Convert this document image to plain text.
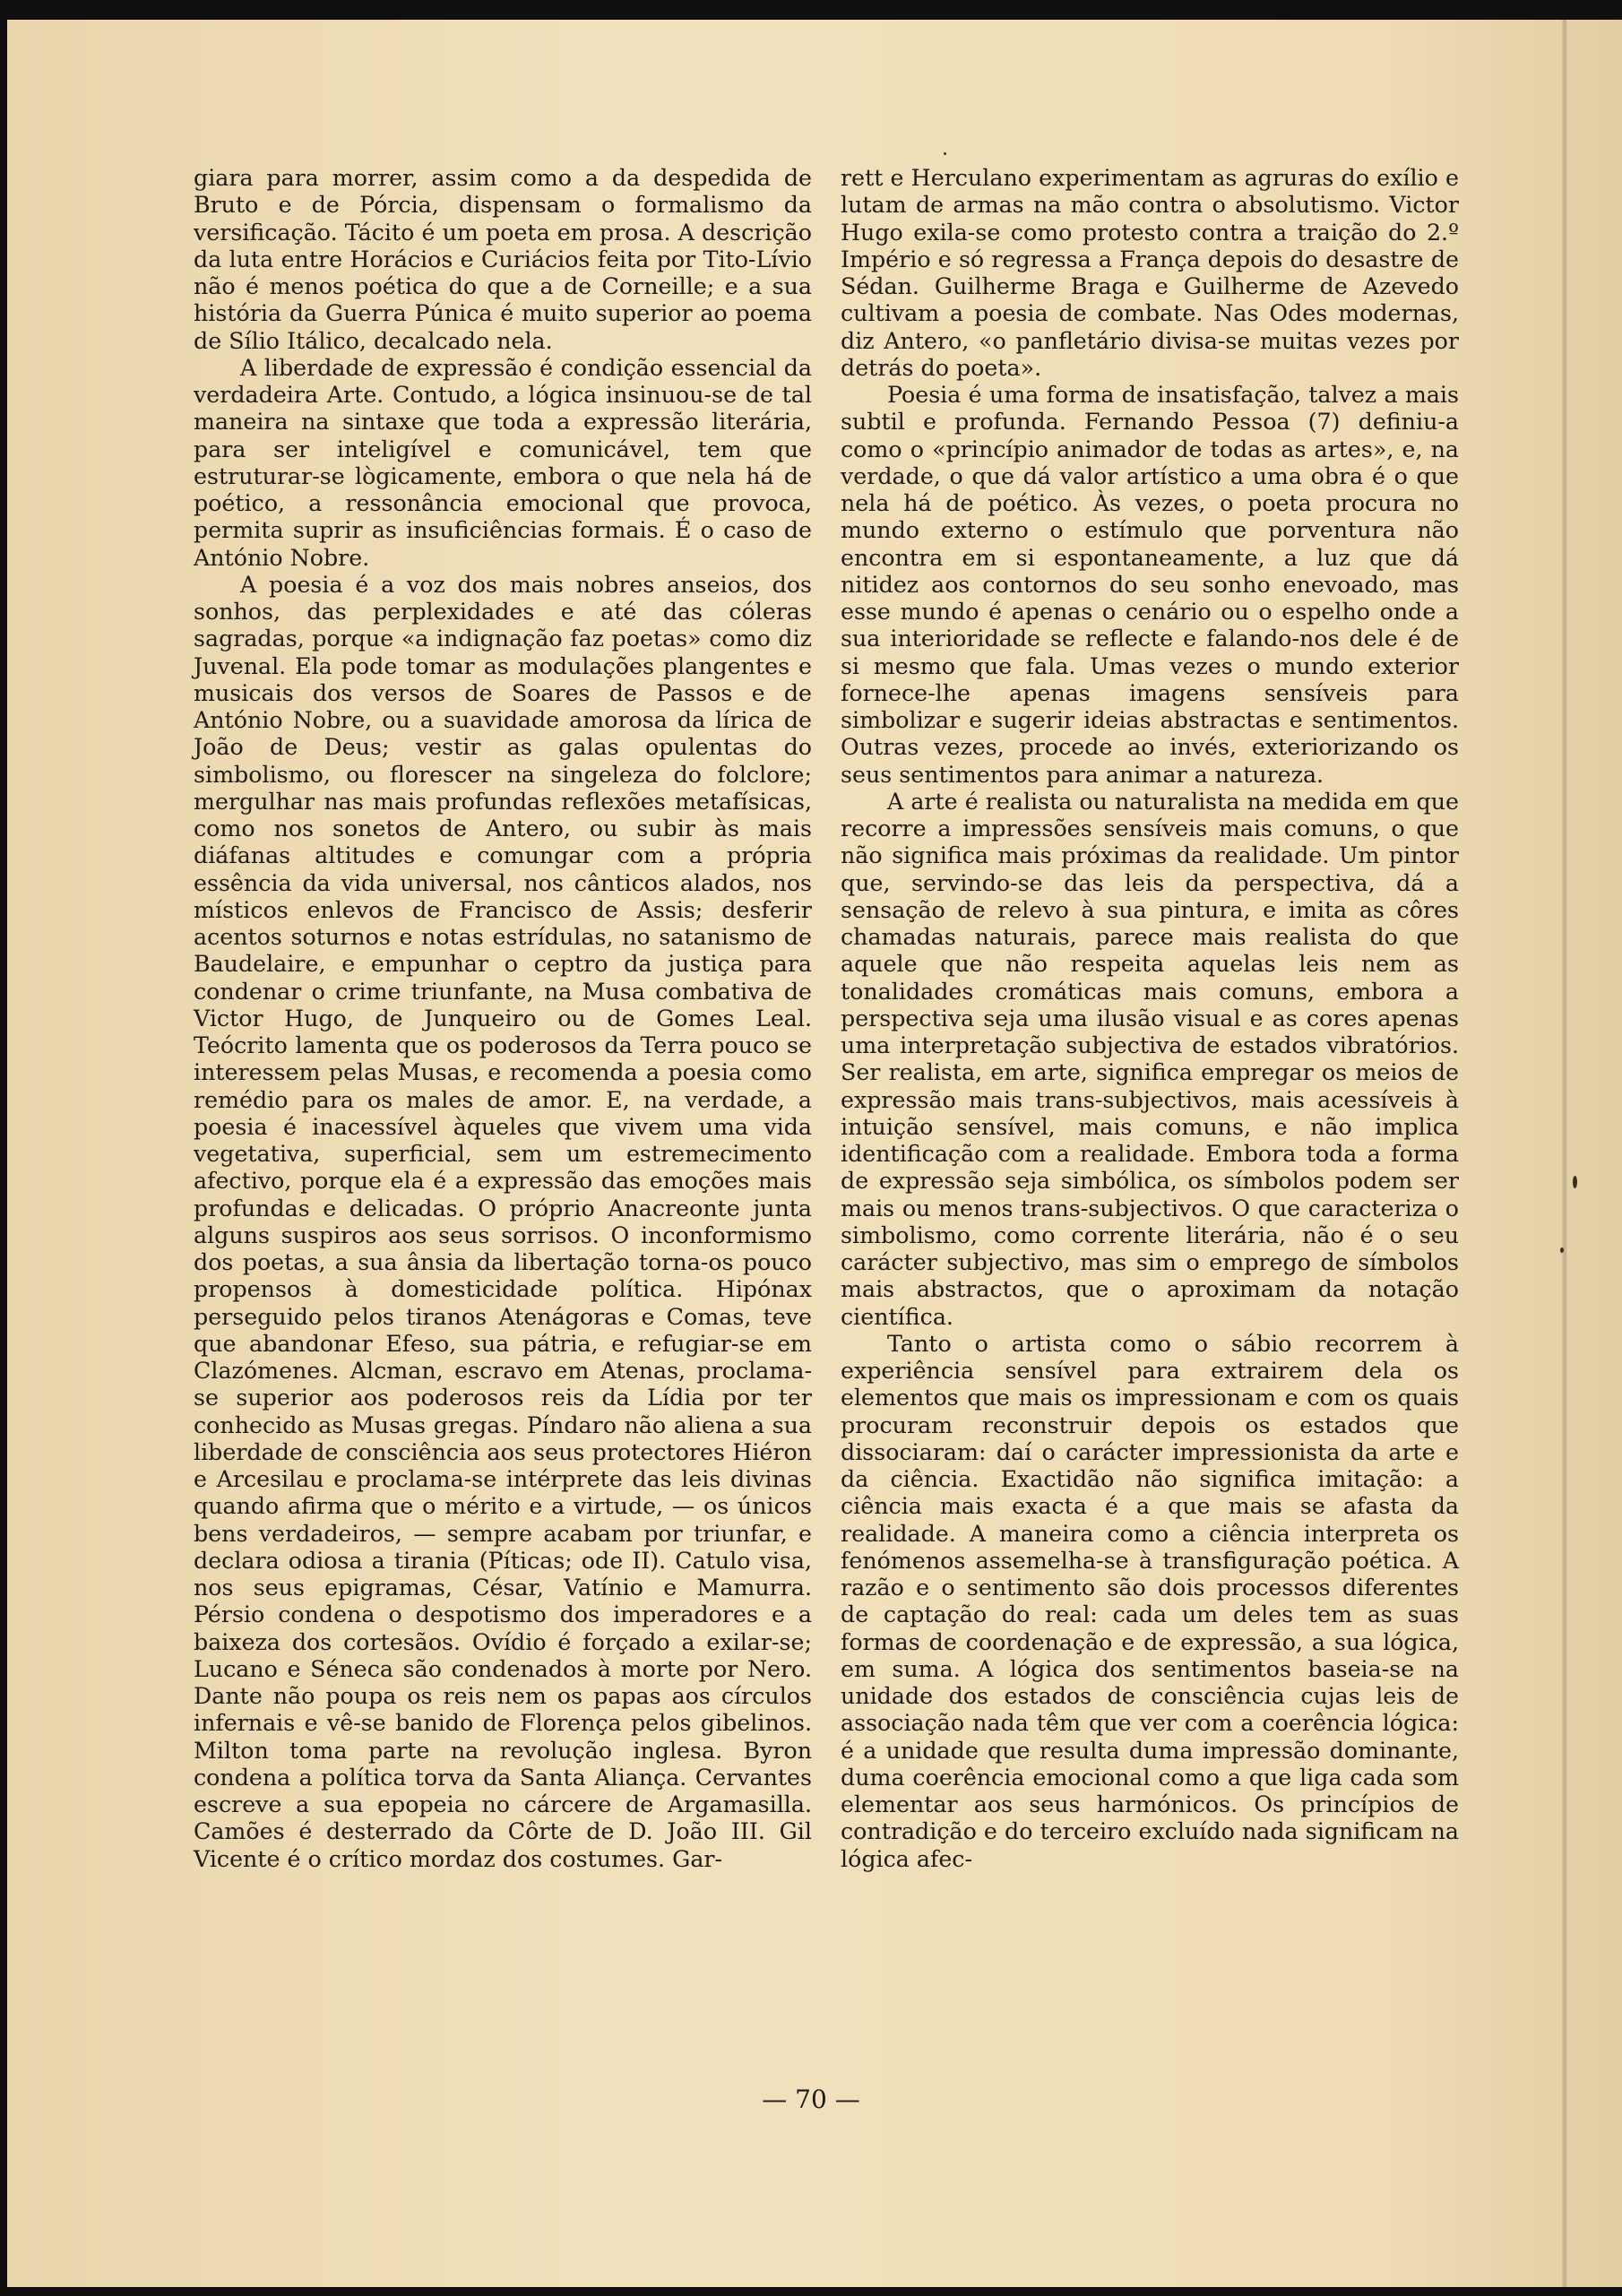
giara para morrer, assim como a da despedida de Bruto e de Pórcia, dispensam o formalismo da versificação. Tácito é um poeta em prosa. A descrição da luta entre Horácios e Curiácios feita por Tito-Lívio não é menos poética do que a de Corneille; e a sua história da Guerra Púnica é muito superior ao poema de Sílio Itálico, decalcado nela.

A liberdade de expressão é condição essencial da verdadeira Arte. Contudo, a lógica insinuou-se de tal maneira na sintaxe que toda a expressão literária, para ser inteligível e comunicável, tem que estruturar-se lògicamente, embora o que nela há de poético, a ressonância emocional que provoca, permita suprir as insuficiências formais. É o caso de António Nobre.

A poesia é a voz dos mais nobres anseios, dos sonhos, das perplexidades e até das cóleras sagradas, porque «a indignação faz poetas» como diz Juvenal. Ela pode tomar as modulações plangentes e musicais dos versos de Soares de Passos e de António Nobre, ou a suavidade amorosa da lírica de João de Deus; vestir as galas opulentas do simbolismo, ou florescer na singeleza do folclore; mergulhar nas mais profundas reflexões metafísicas, como nos sonetos de Antero, ou subir às mais diáfanas altitudes e comungar com a própria essência da vida universal, nos cânticos alados, nos místicos enlevos de Francisco de Assis; desferir acentos soturnos e notas estrídulas, no satanismo de Baudelaire, e empunhar o ceptro da justiça para condenar o crime triunfante, na Musa combativa de Victor Hugo, de Junqueiro ou de Gomes Leal. Teócrito lamenta que os poderosos da Terra pouco se interessem pelas Musas, e recomenda a poesia como remédio para os males de amor. E, na verdade, a poesia é inacessível àqueles que vivem uma vida vegetativa, superficial, sem um estremecimento afectivo, porque ela é a expressão das emoções mais profundas e delicadas. O próprio Anacreonte junta alguns suspiros aos seus sorrisos. O inconformismo dos poetas, a sua ânsia da libertação torna-os pouco propensos à domesticidade política. Hipónax perseguido pelos tiranos Atenágoras e Comas, teve que abandonar Efeso, sua pátria, e refugiar-se em Clazómenes. Alcman, escravo em Atenas, proclama-se superior aos poderosos reis da Lídia por ter conhecido as Musas gregas. Píndaro não aliena a sua liberdade de consciência aos seus protectores Hiéron e Arcesilau e proclama-se intérprete das leis divinas quando afirma que o mérito e a virtude, — os únicos bens verdadeiros, — sempre acabam por triunfar, e declara odiosa a tirania (Píticas; ode II). Catulo visa, nos seus epigramas, César, Vatínio e Mamurra. Pérsio condena o despotismo dos imperadores e a baixeza dos cortesãos. Ovídio é forçado a exilar-se; Lucano e Séneca são condenados à morte por Nero. Dante não poupa os reis nem os papas aos círculos infernais e vê-se banido de Florença pelos gibelinos. Milton toma parte na revolução inglesa. Byron condena a política torva da Santa Aliança. Cervantes escreve a sua epopeia no cárcere de Argamasilla. Camões é desterrado da Côrte de D. João III. Gil Vicente é o crítico mordaz dos costumes. Gar-

rett e Herculano experimentam as agruras do exílio e lutam de armas na mão contra o absolutismo. Victor Hugo exila-se como protesto contra a traição do 2.º Império e só regressa a França depois do desastre de Sédan. Guilherme Braga e Guilherme de Azevedo cultivam a poesia de combate. Nas Odes modernas, diz Antero, «o panfletário divisa-se muitas vezes por detrás do poeta».

Poesia é uma forma de insatisfação, talvez a mais subtil e profunda. Fernando Pessoa (7) definiu-a como o «princípio animador de todas as artes», e, na verdade, o que dá valor artístico a uma obra é o que nela há de poético. Às vezes, o poeta procura no mundo externo o estímulo que porventura não encontra em si espontaneamente, a luz que dá nitidez aos contornos do seu sonho enevoado, mas esse mundo é apenas o cenário ou o espelho onde a sua interioridade se reflecte e falando-nos dele é de si mesmo que fala. Umas vezes o mundo exterior fornece-lhe apenas imagens sensíveis para simbolizar e sugerir ideias abstractas e sentimentos. Outras vezes, procede ao invés, exteriorizando os seus sentimentos para animar a natureza.

A arte é realista ou naturalista na medida em que recorre a impressões sensíveis mais comuns, o que não significa mais próximas da realidade. Um pintor que, servindo-se das leis da perspectiva, dá a sensação de relevo à sua pintura, e imita as côres chamadas naturais, parece mais realista do que aquele que não respeita aquelas leis nem as tonalidades cromáticas mais comuns, embora a perspectiva seja uma ilusão visual e as cores apenas uma interpretação subjectiva de estados vibratórios. Ser realista, em arte, significa empregar os meios de expressão mais trans-subjectivos, mais acessíveis à intuição sensível, mais comuns, e não implica identificação com a realidade. Embora toda a forma de expressão seja simbólica, os símbolos podem ser mais ou menos trans-subjectivos. O que caracteriza o simbolismo, como corrente literária, não é o seu carácter subjectivo, mas sim o emprego de símbolos mais abstractos, que o aproximam da notação científica.

Tanto o artista como o sábio recorrem à experiência sensível para extrairem dela os elementos que mais os impressionam e com os quais procuram reconstruir depois os estados que dissociaram: daí o carácter impressionista da arte e da ciência. Exactidão não significa imitação: a ciência mais exacta é a que mais se afasta da realidade. A maneira como a ciência interpreta os fenómenos assemelha-se à transfiguração poética. A razão e o sentimento são dois processos diferentes de captação do real: cada um deles tem as suas formas de coordenação e de expressão, a sua lógica, em suma. A lógica dos sentimentos baseia-se na unidade dos estados de consciência cujas leis de associação nada têm que ver com a coerência lógica: é a unidade que resulta duma impressão dominante, duma coerência emocional como a que liga cada som elementar aos seus harmónicos. Os princípios de contradição e do terceiro excluído nada significam na lógica afec-

— 70 —
